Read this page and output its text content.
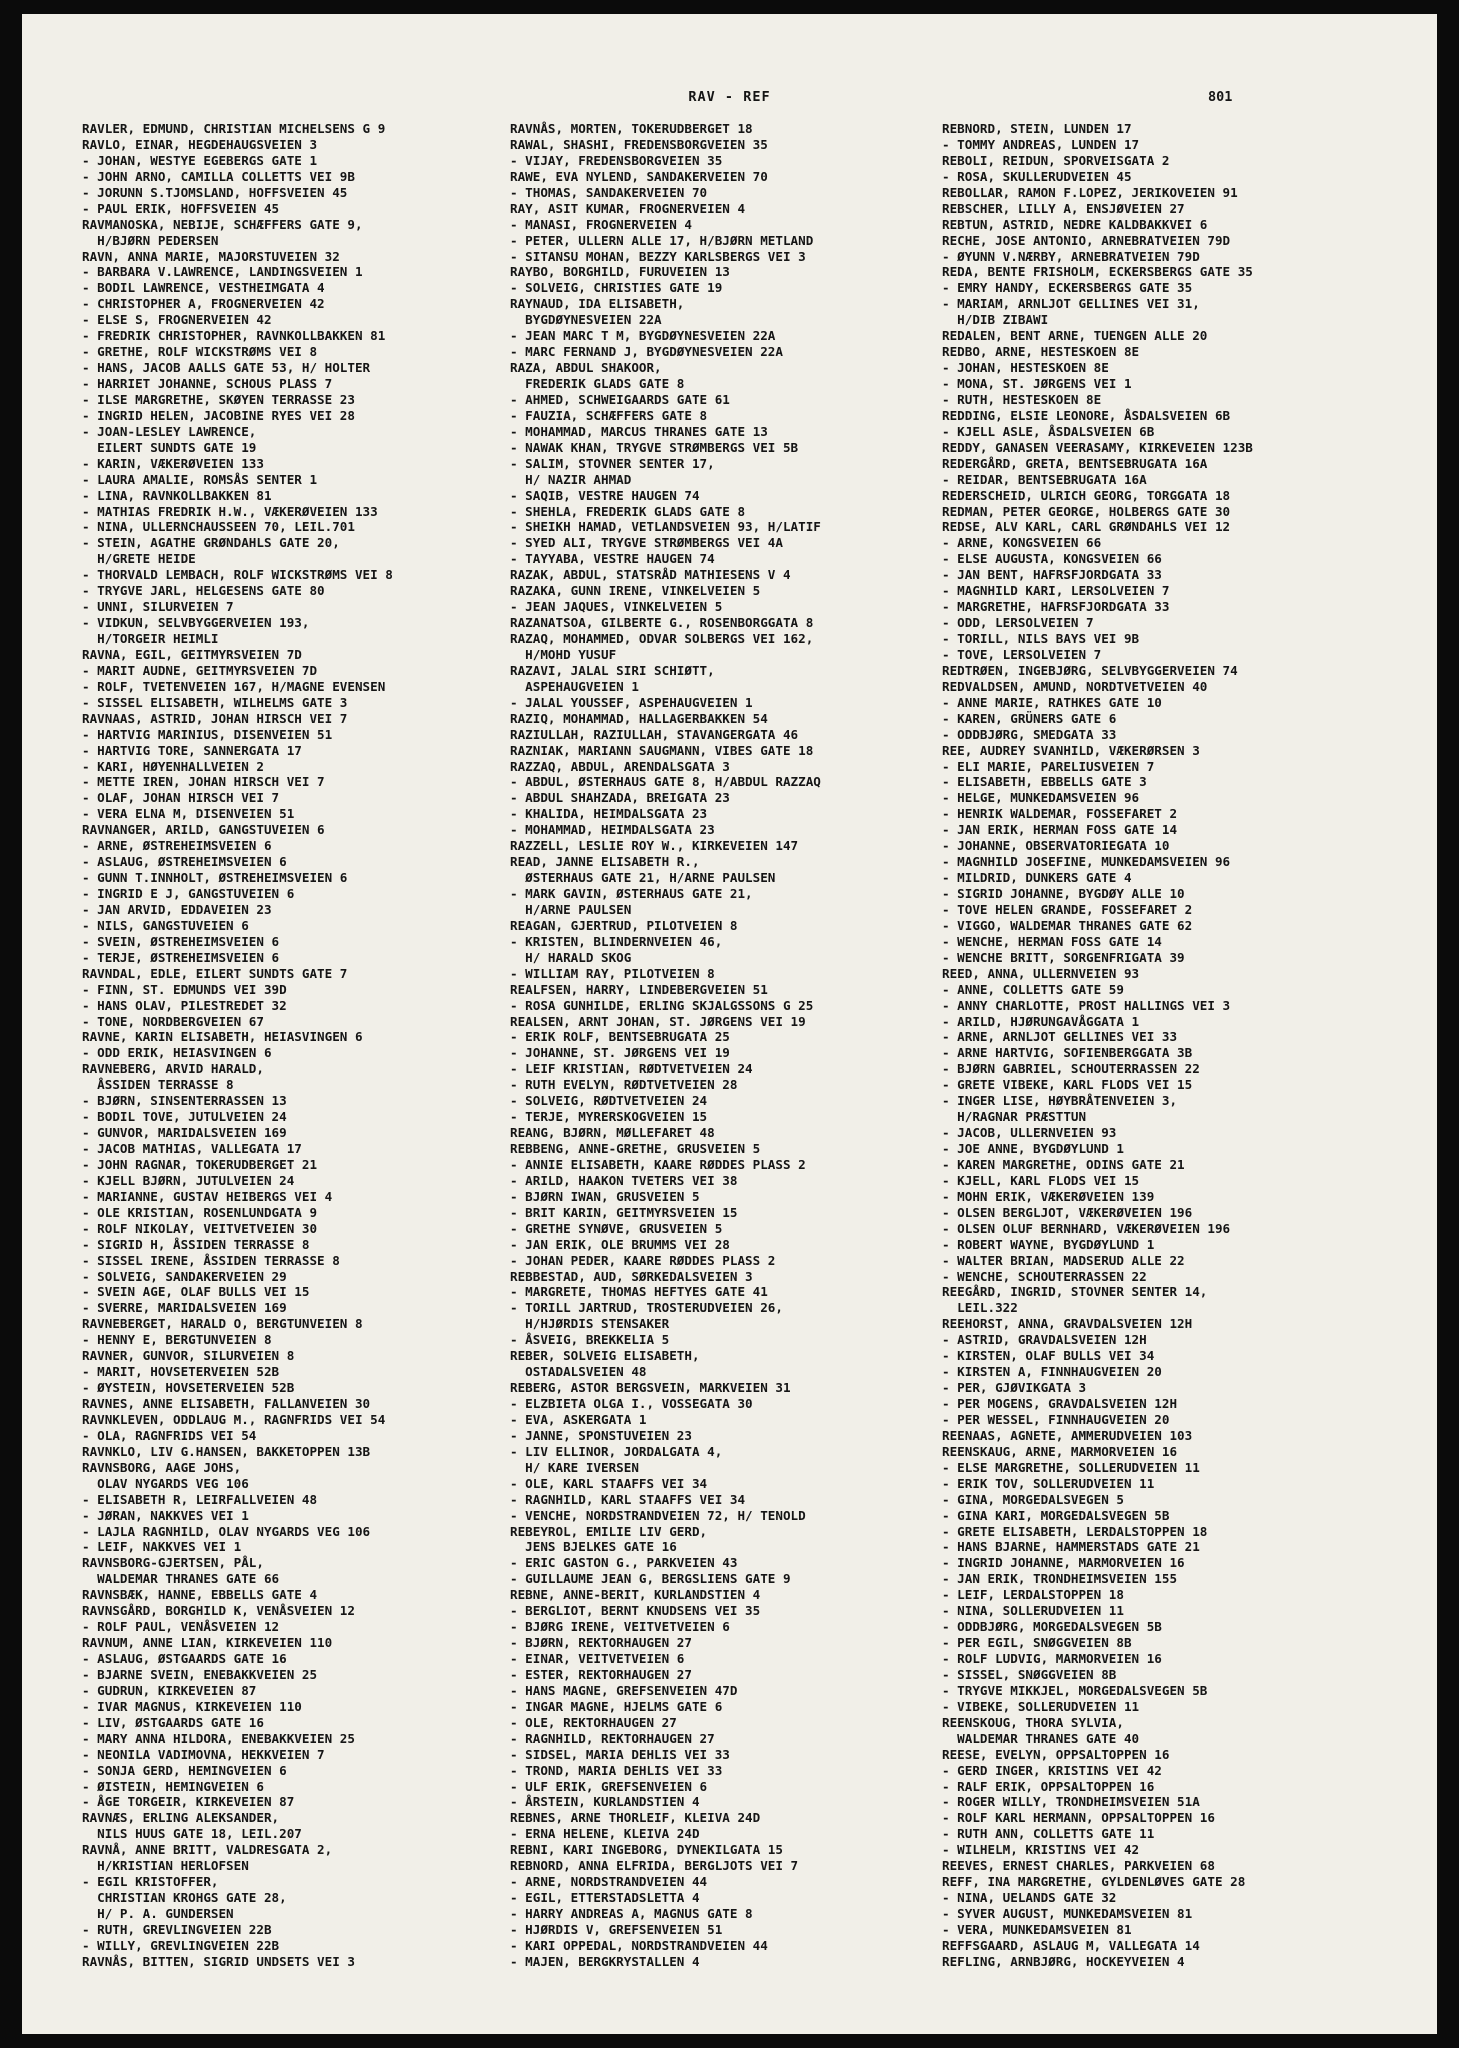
RAV - REF	801
RAVLER, EDMUND, CHRISTIAN MICHELSENS G 9
RAVLO, EINAR, HEGDEHAUGSVEIEN 3
- JOHAN, WESTYE EGEBERGS GATE 1
- JOHN ARNO, CAMILLA COLLETTS VEI 9B
- JORUNN S.TJOMSLAND, HOFFSVEIEN 45
- PAUL ERIK, HOFFSVEIEN 45
RAVMANOSKA, NEBIJE, SCHÆFFERS GATE 9,
H/BJØRN PEDERSEN
RAVN, ANNA MARIE, MAJORSTUVEIEN 32
- BARBARA V.LAWRENCE, LANDINGSVEIEN 1
- BODIL LAWRENCE, VESTHEIMGATA 4
- CHRISTOPHER A, FROGNERVEIEN 42
- ELSE S, FROGNERVEIEN 42
- FREDRIK CHRISTOPHER, RAVNKOLLBAKKEN 81
- GRETHE, ROLF WICKSTRØMS VEI 8
- HANS, JACOB AALLS GATE 53, H/ HOLTER
- HARRIET JOHANNE, SCHOUS PLASS 7
- ILSE MARGRETHE, SKØYEN TERRASSE 23
- INGRID HELEN, JACOBINE RYES VEI 28
- JOAN-LESLEY LAWRENCE,
EILERT SUNDTS GATE 19
- KARIN, VÆKERØVEIEN 133
- LAURA AMALIE, ROMSÅS SENTER 1
- LINA, RAVNKOLLBAKKEN 81
- MATHIAS FREDRIK H.W., VÆKERØVEIEN 133
- NINA, ULLERNCHAUSSEEN 70, LEIL.701
- STEIN, AGATHE GRØNDAHLS GATE 20,
H/GRETE HEIDE
- THORVALD LEMBACH, ROLF WICKSTRØMS VEI 8
- TRYGVE JARL, HELGESENS GATE 80
- UNNI, SILURVEIEN 7
- VIDKUN, SELVBYGGERVEIEN 193,
H/TORGEIR HEIMLI
RAVNA, EGIL, GEITMYRSVEIEN 7D
- MARIT AUDNE, GEITMYRSVEIEN 7D
- ROLF, TVETENVEIEN 167, H/MAGNE EVENSEN
- SISSEL ELISABETH, WILHELMS GATE 3
RAVNAAS, ASTRID, JOHAN HIRSCH VEI 7
- HARTVIG MARINIUS, DISENVEIEN 51
- HARTVIG TORE, SANNERGATA 17
- KARI, HØYENHALLVEIEN 2
- METTE IREN, JOHAN HIRSCH VEI 7
- OLAF, JOHAN HIRSCH VEI 7
- VERA ELNA M, DISENVEIEN 51
RAVNANGER, ARILD, GANGSTUVEIEN 6
- ARNE, ØSTREHEIMSVEIEN 6
- ASLAUG, ØSTREHEIMSVEIEN 6
- GUNN T.INNHOLT, ØSTREHEIMSVEIEN 6
- INGRID E J, GANGSTUVEIEN 6
- JAN ARVID, EDDAVEIEN 23
- NILS, GANGSTUVEIEN 6
- SVEIN, ØSTREHEIMSVEIEN 6
- TERJE, ØSTREHEIMSVEIEN 6
RAVNDAL, EDLE, EILERT SUNDTS GATE 7
- FINN, ST. EDMUNDS VEI 39D
- HANS OLAV, PILESTREDET 32
- TONE, NORDBERGVEIEN 67
RAVNE, KARIN ELISABETH, HEIASVINGEN 6
- ODD ERIK, HEIASVINGEN 6
RAVNEBERG, ARVID HARALD,
ÅSSIDEN TERRASSE 8
- BJØRN, SINSENTERRASSEN 13
- BODIL TOVE, JUTULVEIEN 24
- GUNVOR, MARIDALSVEIEN 169
- JACOB MATHIAS, VALLEGATA 17
- JOHN RAGNAR, TOKERUDBERGET 21
- KJELL BJØRN, JUTULVEIEN 24
- MARIANNE, GUSTAV HEIBERGS VEI 4
- OLE KRISTIAN, ROSENLUNDGATA 9
- ROLF NIKOLAY, VEITVETVEIEN 30
- SIGRID H, ÅSSIDEN TERRASSE 8
- SISSEL IRENE, ÅSSIDEN TERRASSE 8
- SOLVEIG, SANDAKERVEIEN 29
- SVEIN AGE, OLAF BULLS VEI 15
- SVERRE, MARIDALSVEIEN 169
RAVNEBERGET, HARALD O, BERGTUNVEIEN 8
- HENNY E, BERGTUNVEIEN 8
RAVNER, GUNVOR, SILURVEIEN 8
- MARIT, HOVSETERVEIEN 52B
- ØYSTEIN, HOVSETERVEIEN 52B
RAVNES, ANNE ELISABETH, FALLANVEIEN 30
RAVNKLEVEN, ODDLAUG M., RAGNFRIDS VEI 54
- OLA, RAGNFRIDS VEI 54
RAVNKLO, LIV G.HANSEN, BAKKETOPPEN 13B
RAVNSBORG, AAGE JOHS,
OLAV NYGARDS VEG 106
- ELISABETH R, LEIRFALLVEIEN 48
- JØRAN, NAKKVES VEI 1
- LAJLA RAGNHILD, OLAV NYGARDS VEG 106
- LEIF, NAKKVES VEI 1
RAVNSBORG-GJERTSEN, PÅL,
WALDEMAR THRANES GATE 66
RAVNSBÆK, HANNE, EBBELLS GATE 4
RAVNSGÅRD, BORGHILD K, VENÅSVEIEN 12
- ROLF PAUL, VENÅSVEIEN 12
RAVNUM, ANNE LIAN, KIRKEVEIEN 110
- ASLAUG, ØSTGAARDS GATE 16
- BJARNE SVEIN, ENEBAKKVEIEN 25
- GUDRUN, KIRKEVEIEN 87
- IVAR MAGNUS, KIRKEVEIEN 110
- LIV, ØSTGAARDS GATE 16
- MARY ANNA HILDORA, ENEBAKKVEIEN 25
- NEONILA VADIMOVNA, HEKKVEIEN 7
- SONJA GERD, HEMINGVEIEN 6
- ØISTEIN, HEMINGVEIEN 6
- ÅGE TORGEIR, KIRKEVEIEN 87
RAVNÆS, ERLING ALEKSANDER,
NILS HUUS GATE 18, LEIL.207
RAVNÅ, ANNE BRITT, VALDRESGATA 2,
H/KRISTIAN HERLOFSEN
- EGIL KRISTOFFER,
CHRISTIAN KROHGS GATE 28,
H/ P. A. GUNDERSEN
- RUTH, GREVLINGVEIEN 22B
- WILLY, GREVLINGVEIEN 22B
RAVNÅS, BITTEN, SIGRID UNDSETS VEI 3
RAVNÅS, MORTEN, TOKERUDBERGET 18
RAWAL, SHASHI, FREDENSBORGVEIEN 35
- VIJAY, FREDENSBORGVEIEN 35
RAWE, EVA NYLEND, SANDAKERVEIEN 70
- THOMAS, SANDAKERVEIEN 70
RAY, ASIT KUMAR, FROGNERVEIEN 4
- MANASI, FROGNERVEIEN 4
- PETER, ULLERN ALLE 17, H/BJØRN METLAND
- SITANSU MOHAN, BEZZY KARLSBERGS VEI 3
RAYBO, BORGHILD, FURUVEIEN 13
- SOLVEIG, CHRISTIES GATE 19
RAYNAUD, IDA ELISABETH,
BYGDØYNESVEIEN 22A
- JEAN MARC T M, BYGDØYNESVEIEN 22A
- MARC FERNAND J, BYGDØYNESVEIEN 22A
RAZA, ABDUL SHAKOOR,
FREDERIK GLADS GATE 8
- AHMED, SCHWEIGAARDS GATE 61
- FAUZIA, SCHÆFFERS GATE 8
- MOHAMMAD, MARCUS THRANES GATE 13
- NAWAK KHAN, TRYGVE STRØMBERGS VEI 5B
- SALIM, STOVNER SENTER 17,
H/ NAZIR AHMAD
- SAQIB, VESTRE HAUGEN 74
- SHEHLA, FREDERIK GLADS GATE 8
- SHEIKH HAMAD, VETLANDSVEIEN 93, H/LATIF
- SYED ALI, TRYGVE STRØMBERGS VEI 4A
- TAYYABA, VESTRE HAUGEN 74
RAZAK, ABDUL, STATSRÅD MATHIESENS V 4
RAZAKA, GUNN IRENE, VINKELVEIEN 5
- JEAN JAQUES, VINKELVEIEN 5
RAZANATSOA, GILBERTE G., ROSENBORGGATA 8
RAZAQ, MOHAMMED, ODVAR SOLBERGS VEI 162,
H/MOHD YUSUF
RAZAVI, JALAL SIRI SCHIØTT,
ASPEHAUGVEIEN 1
- JALAL YOUSSEF, ASPEHAUGVEIEN 1
RAZIQ, MOHAMMAD, HALLAGERBAKKEN 54
RAZIULLAH, RAZIULLAH, STAVANGERGATA 46
RAZNIAK, MARIANN SAUGMANN, VIBES GATE 18
RAZZAQ, ABDUL, ARENDALSGATA 3
- ABDUL, ØSTERHAUS GATE 8, H/ABDUL RAZZAQ
- ABDUL SHAHZADA, BREIGATA 23
- KHALIDA, HEIMDALSGATA 23
- MOHAMMAD, HEIMDALSGATA 23
RAZZELL, LESLIE ROY W., KIRKEVEIEN 147
READ, JANNE ELISABETH R.,
ØSTERHAUS GATE 21, H/ARNE PAULSEN
- MARK GAVIN, ØSTERHAUS GATE 21,
H/ARNE PAULSEN
REAGAN, GJERTRUD, PILOTVEIEN 8
- KRISTEN, BLINDERNVEIEN 46,
H/ HARALD SKOG
- WILLIAM RAY, PILOTVEIEN 8
REALFSEN, HARRY, LINDEBERGVEIEN 51
- ROSA GUNHILDE, ERLING SKJALGSSONS G 25
REALSEN, ARNT JOHAN, ST. JØRGENS VEI 19
- ERIK ROLF, BENTSEBRUGATA 25
- JOHANNE, ST. JØRGENS VEI 19
- LEIF KRISTIAN, RØDTVETVEIEN 24
- RUTH EVELYN, RØDTVETVEIEN 28
- SOLVEIG, RØDTVETVEIEN 24
- TERJE, MYRERSKOGVEIEN 15
REANG, BJØRN, MØLLEFARET 48
REBBENG, ANNE-GRETHE, GRUSVEIEN 5
- ANNIE ELISABETH, KAARE RØDDES PLASS 2
- ARILD, HAAKON TVETERS VEI 38
- BJØRN IWAN, GRUSVEIEN 5
- BRIT KARIN, GEITMYRSVEIEN 15
- GRETHE SYNØVE, GRUSVEIEN 5
- JAN ERIK, OLE BRUMMS VEI 28
- JOHAN PEDER, KAARE RØDDES PLASS 2
REBBESTAD, AUD, SØRKEDALSVEIEN 3
- MARGRETE, THOMAS HEFTYES GATE 41
- TORILL JARTRUD, TROSTERUDVEIEN 26,
H/HJØRDIS STENSAKER
- ÅSVEIG, BREKKELIA 5
REBER, SOLVEIG ELISABETH,
OSTADALSVEIEN 48
REBERG, ASTOR BERGSVEIN, MARKVEIEN 31
- ELZBIETA OLGA I., VOSSEGATA 30
- EVA, ASKERGATA 1
- JANNE, SPONSTUVEIEN 23
- LIV ELLINOR, JORDALGATA 4,
H/ KARE IVERSEN
- OLE, KARL STAAFFS VEI 34
- RAGNHILD, KARL STAAFFS VEI 34
- VENCHE, NORDSTRANDVEIEN 72, H/ TENOLD
REBEYROL, EMILIE LIV GERD,
JENS BJELKES GATE 16
- ERIC GASTON G., PARKVEIEN 43
- GUILLAUME JEAN G, BERGSLIENS GATE 9
REBNE, ANNE-BERIT, KURLANDSTIEN 4
- BERGLIOT, BERNT KNUDSENS VEI 35
- BJØRG IRENE, VEITVETVEIEN 6
- BJØRN, REKTORHAUGEN 27
- EINAR, VEITVETVEIEN 6
- ESTER, REKTORHAUGEN 27
- HANS MAGNE, GREFSENVEIEN 47D
- INGAR MAGNE, HJELMS GATE 6
- OLE, REKTORHAUGEN 27
- RAGNHILD, REKTORHAUGEN 27
- SIDSEL, MARIA DEHLIS VEI 33
- TROND, MARIA DEHLIS VEI 33
- ULF ERIK, GREFSENVEIEN 6
- ÅRSTEIN, KURLANDSTIEN 4
REBNES, ARNE THORLEIF, KLEIVA 24D
- ERNA HELENE, KLEIVA 24D
REBNI, KARI INGEBORG, DYNEKILGATA 15
REBNORD, ANNA ELFRIDA, BERGLJOTS VEI 7
- ARNE, NORDSTRANDVEIEN 44
- EGIL, ETTERSTADSLETTA 4
- HARRY ANDREAS A, MAGNUS GATE 8
- HJØRDIS V, GREFSENVEIEN 51
- KARI OPPEDAL, NORDSTRANDVEIEN 44
- MAJEN, BERGKRYSTALLEN 4
REBNORD, STEIN, LUNDEN 17
- TOMMY ANDREAS, LUNDEN 17
REBOLI, REIDUN, SPORVEISGATA 2
- ROSA, SKULLERUDVEIEN 45
REBOLLAR, RAMON F.LOPEZ, JERIKOVEIEN 91
REBSCHER, LILLY A, ENSJØVEIEN 27
REBTUN, ASTRID, NEDRE KALDBAKKVEI 6
RECHE, JOSE ANTONIO, ARNEBRATVEIEN 79D
- ØYUNN V.NÆRBY, ARNEBRATVEIEN 79D
REDA, BENTE FRISHOLM, ECKERSBERGS GATE 35
- EMRY HANDY, ECKERSBERGS GATE 35
- MARIAM, ARNLJOT GELLINES VEI 31,
H/DIB ZIBAWI
REDALEN, BENT ARNE, TUENGEN ALLE 20
REDBO, ARNE, HESTESKOEN 8E
- JOHAN, HESTESKOEN 8E
- MONA, ST. JØRGENS VEI 1
- RUTH, HESTESKOEN 8E
REDDING, ELSIE LEONORE, ÅSDALSVEIEN 6B
- KJELL ASLE, ÅSDALSVEIEN 6B
REDDY, GANASEN VEERASAMY, KIRKEVEIEN 123B
REDERGÅRD, GRETA, BENTSEBRUGATA 16A
- REIDAR, BENTSEBRUGATA 16A
REDERSCHEID, ULRICH GEORG, TORGGATA 18
REDMAN, PETER GEORGE, HOLBERGS GATE 30
REDSE, ALV KARL, CARL GRØNDAHLS VEI 12
- ARNE, KONGSVEIEN 66
- ELSE AUGUSTA, KONGSVEIEN 66
- JAN BENT, HAFRSFJORDGATA 33
- MAGNHILD KARI, LERSOLVEIEN 7
- MARGRETHE, HAFRSFJORDGATA 33
- ODD, LERSOLVEIEN 7
- TORILL, NILS BAYS VEI 9B
- TOVE, LERSOLVEIEN 7
REDTRØEN, INGEBJØRG, SELVBYGGERVEIEN 74
REDVALDSEN, AMUND, NORDTVETVEIEN 40
- ANNE MARIE, RATHKES GATE 10
- KAREN, GRÜNERS GATE 6
- ODDBJØRG, SMEDGATA 33
REE, AUDREY SVANHILD, VÆKERØRSEN 3
- ELI MARIE, PARELIUSVEIEN 7
- ELISABETH, EBBELLS GATE 3
- HELGE, MUNKEDAMSVEIEN 96
- HENRIK WALDEMAR, FOSSEFARET 2
- JAN ERIK, HERMAN FOSS GATE 14
- JOHANNE, OBSERVATORIEGATA 10
- MAGNHILD JOSEFINE, MUNKEDAMSVEIEN 96
- MILDRID, DUNKERS GATE 4
- SIGRID JOHANNE, BYGDØY ALLE 10
- TOVE HELEN GRANDE, FOSSEFARET 2
- VIGGO, WALDEMAR THRANES GATE 62
- WENCHE, HERMAN FOSS GATE 14
- WENCHE BRITT, SORGENFRIGATA 39
REED, ANNA, ULLERNVEIEN 93
- ANNE, COLLETTS GATE 59
- ANNY CHARLOTTE, PROST HALLINGS VEI 3
- ARILD, HJØRUNGAVÅGGATA 1
- ARNE, ARNLJOT GELLINES VEI 33
- ARNE HARTVIG, SOFIENBERGGATA 3B
- BJØRN GABRIEL, SCHOUTERRASSEN 22
- GRETE VIBEKE, KARL FLODS VEI 15
- INGER LISE, HØYBRÅTENVEIEN 3,
H/RAGNAR PRÆSTTUN
- JACOB, ULLERNVEIEN 93
- JOE ANNE, BYGDØYLUND 1
- KAREN MARGRETHE, ODINS GATE 21
- KJELL, KARL FLODS VEI 15
- MOHN ERIK, VÆKERØVEIEN 139
- OLSEN BERGLJOT, VÆKERØVEIEN 196
- OLSEN OLUF BERNHARD, VÆKERØVEIEN 196
- ROBERT WAYNE, BYGDØYLUND 1
- WALTER BRIAN, MADSERUD ALLE 22
- WENCHE, SCHOUTERRASSEN 22
REEGÅRD, INGRID, STOVNER SENTER 14,
LEIL.322
REEHORST, ANNA, GRAVDALSVEIEN 12H
- ASTRID, GRAVDALSVEIEN 12H
- KIRSTEN, OLAF BULLS VEI 34
- KIRSTEN A, FINNHAUGVEIEN 20
- PER, GJØVIKGATA 3
- PER MOGENS, GRAVDALSVEIEN 12H
- PER WESSEL, FINNHAUGVEIEN 20
REENAAS, AGNETE, AMMERUDVEIEN 103
REENSKAUG, ARNE, MARMORVEIEN 16
- ELSE MARGRETHE, SOLLERUDVEIEN 11
- ERIK TOV, SOLLERUDVEIEN 11
- GINA, MORGEDALSVEGEN 5
- GINA KARI, MORGEDALSVEGEN 5B
- GRETE ELISABETH, LERDALSTOPPEN 18
- HANS BJARNE, HAMMERSTADS GATE 21
- INGRID JOHANNE, MARMORVEIEN 16
- JAN ERIK, TRONDHEIMSVEIEN 155
- LEIF, LERDALSTOPPEN 18
- NINA, SOLLERUDVEIEN 11
- ODDBJØRG, MORGEDALSVEGEN 5B
- PER EGIL, SNØGGVEIEN 8B
- ROLF LUDVIG, MARMORVEIEN 16
- SISSEL, SNØGGVEIEN 8B
- TRYGVE MIKKJEL, MORGEDALSVEGEN 5B
- VIBEKE, SOLLERUDVEIEN 11
REENSKOUG, THORA SYLVIA,
WALDEMAR THRANES GATE 40
REESE, EVELYN, OPPSALTOPPEN 16
- GERD INGER, KRISTINS VEI 42
- RALF ERIK, OPPSALTOPPEN 16
- ROGER WILLY, TRONDHEIMSVEIEN 51A
- ROLF KARL HERMANN, OPPSALTOPPEN 16
- RUTH ANN, COLLETTS GATE 11
- WILHELM, KRISTINS VEI 42
REEVES, ERNEST CHARLES, PARKVEIEN 68
REFF, INA MARGRETHE, GYLDENLØVES GATE 28
- NINA, UELANDS GATE 32
- SYVER AUGUST, MUNKEDAMSVEIEN 81
- VERA, MUNKEDAMSVEIEN 81
REFFSGAARD, ASLAUG M, VALLEGATA 14
REFLING, ARNBJØRG, HOCKEYVEIEN 4
